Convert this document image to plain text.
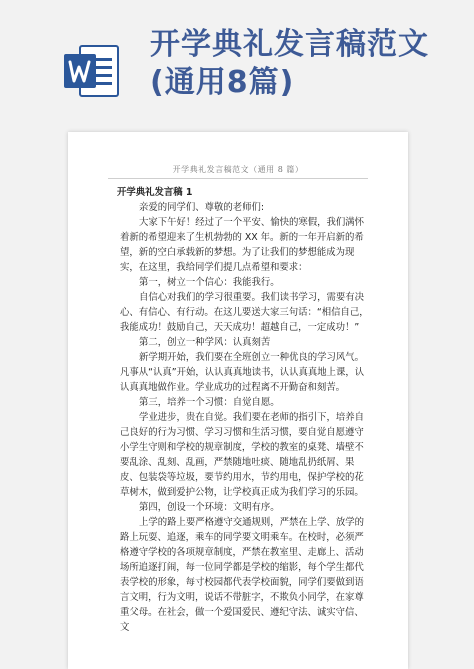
开学典礼发言稿范文(通用8篇)
开学典礼发言稿范文（通用 8 篇）

开学典礼发言稿 1

亲爱的同学们、尊敬的老师们:

大家下午好！经过了一个平安、愉快的寒假，我们满怀着新的希望迎来了生机勃勃的 XX 年。新的一年开启新的希望，新的空白承载新的梦想。为了让我们的梦想能成为现实，在这里，我给同学们提几点希望和要求：

第一，树立一个信心：我能我行。

自信心对我们的学习很重要。我们读书学习，需要有决心、有信心、有行动。在这儿要送大家三句话：“相信自己，我能成功！鼓励自己，天天成功！超越自己，一定成功！”

第二，创立一种学风：认真刻苦

新学期开始，我们要在全班创立一种优良的学习风气。凡事从“认真”开始，认认真真地读书，认认真真地上课，认认真真地做作业。学业成功的过程离不开勤奋和刻苦。

第三，培养一个习惯：自觉自愿。

学业进步，贵在自觉。我们要在老师的指引下，培养自己良好的行为习惯、学习习惯和生活习惯，要自觉自愿遵守小学生守则和学校的规章制度，学校的教室的桌凳、墙壁不要乱涂、乱刻、乱画，严禁随地吐痰、随地乱扔纸屑、果皮、包装袋等垃圾，要节约用水，节约用电，保护学校的花草树木，做到爱护公物，让学校真正成为我们学习的乐园。

第四，创设一个环境：文明有序。

上学的路上要严格遵守交通规则，严禁在上学、放学的路上玩耍、追逐，乘车的同学要文明乘车。在校时，必须严格遵守学校的各项规章制度，严禁在教室里、走廊上、活动场所追逐打闹，每一位同学都是学校的缩影，每个学生都代表学校的形象，每寸校园都代表学校面貌，同学们要做到语言文明，行为文明，说话不带脏字，不欺负小同学，在家尊重父母。在社会，做一个爱国爱民、遵纪守法、诚实守信、 文
